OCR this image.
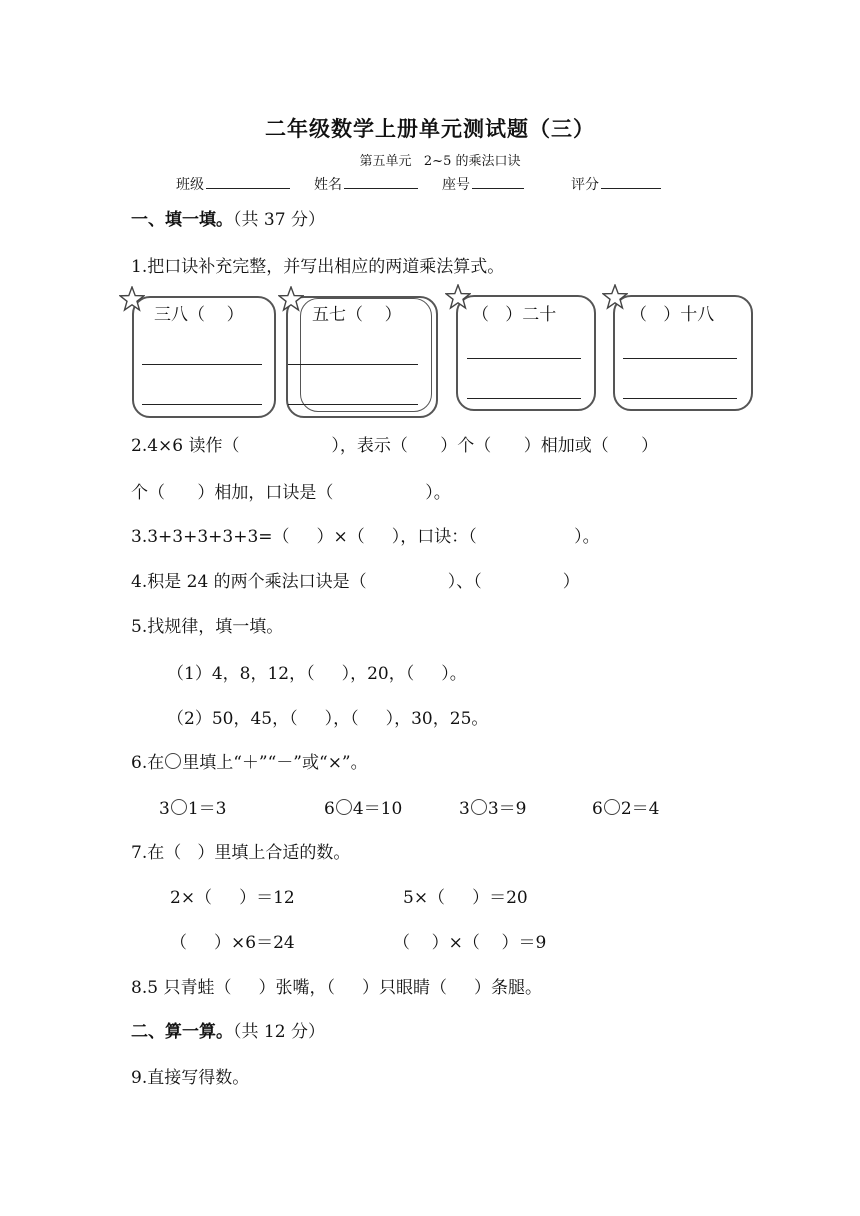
二年级数学上册单元测试题（三）
第五单元   2~5 的乘法口诀
班级	姓名	座号	评分
一、填一填。（共 37 分）
1.把口诀补充完整，并写出相应的两道乘法算式。
三八（    ）	五七（    ）	（   ）二十	（   ）十八
2.4×6 读作（                 ），表示（      ）个（      ）相加或（      ）
个（      ）相加，口诀是（                 ）。
3.3+3+3+3+3=（     ）×（     ），口诀：（                  ）。
4.积是 24 的两个乘法口诀是（               ）、（               ）
5.找规律，填一填。
（1）4，8，12，（     ），20，（     ）。
（2）50，45，（     ），（     ），30，25。
6.在 里填上“＋”“－”或“×”。
3 1＝3	6 4＝10	3 3＝9	6 2＝4
7.在（   ）里填上合适的数。
2×（     ）＝12	5×（     ）＝20
（     ）×6＝24	（    ）×（    ）＝9
8.5 只青蛙（     ）张嘴，（     ）只眼睛（     ）条腿。
二、算一算。（共 12 分）
9.直接写得数。
